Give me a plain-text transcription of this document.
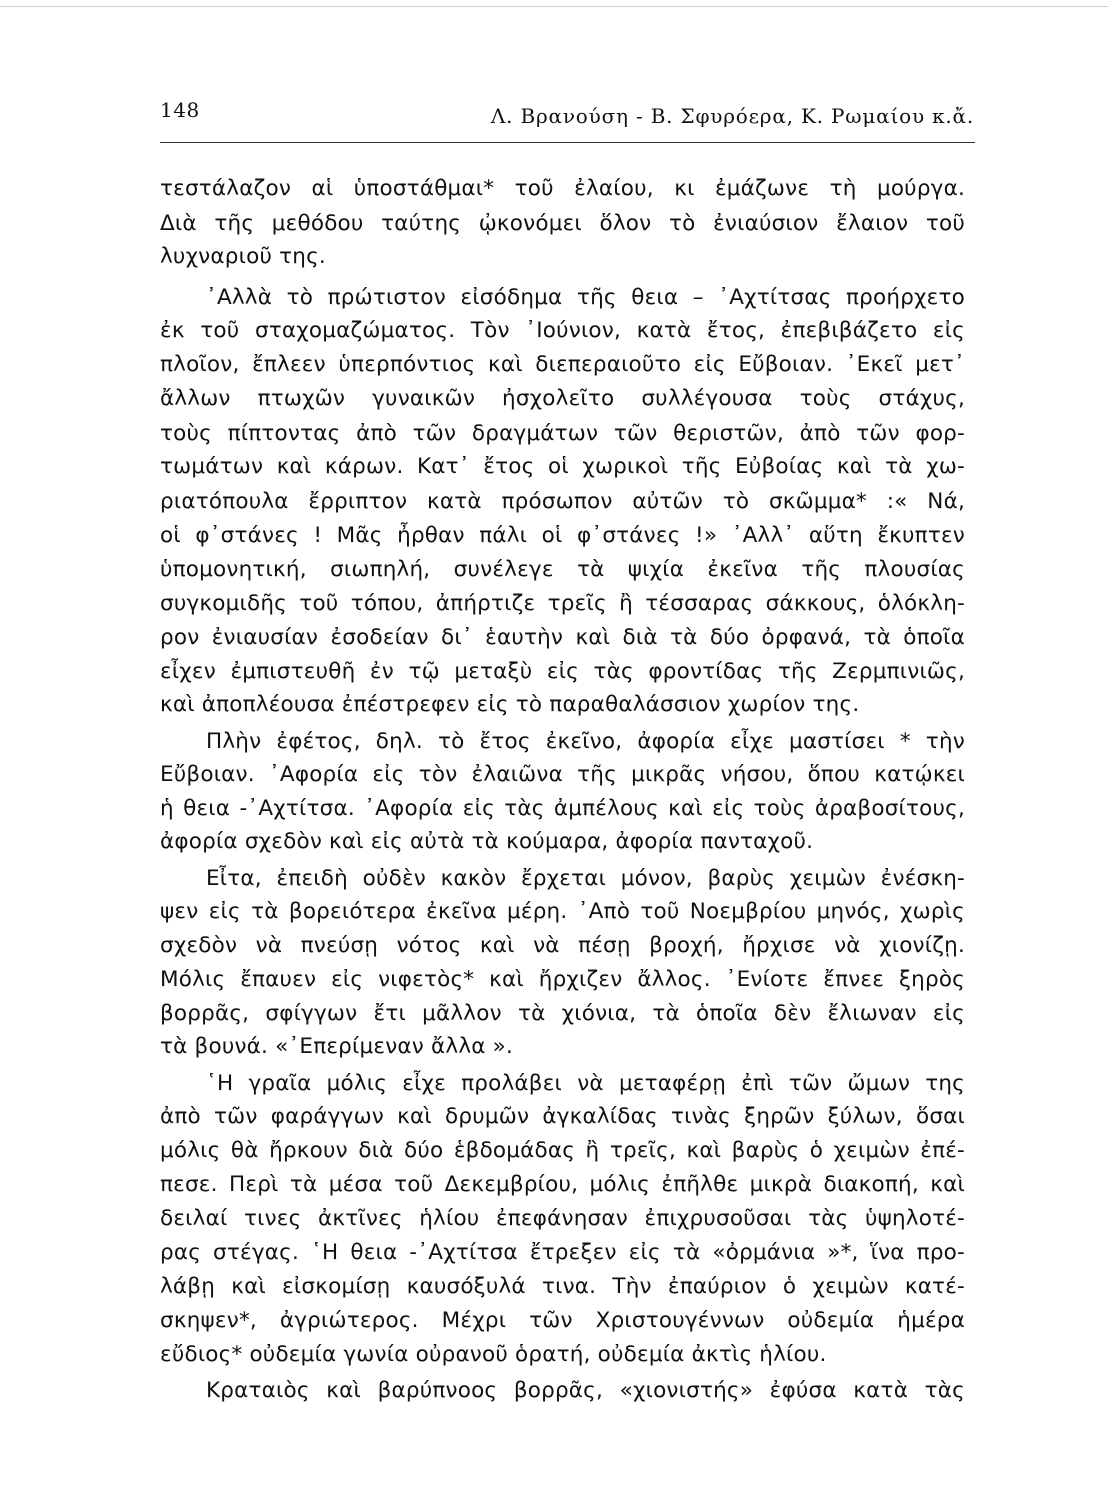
148	Λ. Βρανούση - Β. Σφυρόερα, Κ. Ρωμαίου κ.ἄ.
τεστάλαζον αἱ ὑποστάθμαι* τοῦ ἐλαίου, κι ἐμάζωνε τὴ μούργα.
Διὰ τῆς μεθόδου ταύτης ᾠκονόμει ὅλον τὸ ἐνιαύσιον ἔλαιον τοῦ
λυχναριοῦ της.
᾿Αλλὰ τὸ πρώτιστον εἰσόδημα τῆς θεια – ᾿Αχτίτσας προήρχετο
ἐκ τοῦ σταχομαζώματος. Τὸν ᾿Ιούνιον, κατὰ ἔτος, ἐπεβιβάζετο εἰς
πλοῖον, ἔπλεεν ὑπερπόντιος καὶ διεπεραιοῦτο εἰς Εὔβοιαν. ᾿Εκεῖ μετ᾿
ἄλλων πτωχῶν γυναικῶν ἠσχολεῖτο συλλέγουσα τοὺς στάχυς,
τοὺς πίπτοντας ἀπὸ τῶν δραγμάτων τῶν θεριστῶν, ἀπὸ τῶν φορ-
τωμάτων καὶ κάρων. Κατ᾿ ἔτος οἱ χωρικοὶ τῆς Εὐβοίας καὶ τὰ χω-
ριατόπουλα ἔρριπτον κατὰ πρόσωπον αὐτῶν τὸ σκῶμμα* :« Νά,
οἱ φ᾿στάνες ! Μᾶς ἦρθαν πάλι οἱ φ᾿στάνες !» ᾿Αλλ᾿ αὕτη ἔκυπτεν
ὑπομονητική, σιωπηλή, συνέλεγε τὰ ψιχία ἐκεῖνα τῆς πλουσίας
συγκομιδῆς τοῦ τόπου, ἀπήρτιζε τρεῖς ἢ τέσσαρας σάκκους, ὁλόκλη-
ρον ἐνιαυσίαν ἐσοδείαν δι᾿ ἑαυτὴν καὶ διὰ τὰ δύο ὀρφανά, τὰ ὁποῖα
εἶχεν ἐμπιστευθῆ ἐν τῷ μεταξὺ εἰς τὰς φροντίδας τῆς Ζερμπινιῶς,
καὶ ἀποπλέουσα ἐπέστρεφεν εἰς τὸ παραθαλάσσιον χωρίον της.
Πλὴν ἐφέτος, δηλ. τὸ ἔτος ἐκεῖνο, ἀφορία εἶχε μαστίσει * τὴν
Εὔβοιαν. ᾿Αφορία εἰς τὸν ἐλαιῶνα τῆς μικρᾶς νήσου, ὅπου κατῴκει
ἡ θεια -᾿Αχτίτσα. ᾿Αφορία εἰς τὰς ἀμπέλους καὶ εἰς τοὺς ἀραβοσίτους,
ἀφορία σχεδὸν καὶ εἰς αὐτὰ τὰ κούμαρα, ἀφορία πανταχοῦ.
Εἶτα, ἐπειδὴ οὐδὲν κακὸν ἔρχεται μόνον, βαρὺς χειμὼν ἐνέσκη-
ψεν εἰς τὰ βορειότερα ἐκεῖνα μέρη. ᾿Απὸ τοῦ Νοεμβρίου μηνός, χωρὶς
σχεδὸν νὰ πνεύσῃ νότος καὶ νὰ πέσῃ βροχή, ἤρχισε νὰ χιονίζῃ.
Μόλις ἔπαυεν εἰς νιφετὸς* καὶ ἤρχιζεν ἄλλος. ᾿Ενίοτε ἔπνεε ξηρὸς
βορρᾶς, σφίγγων ἔτι μᾶλλον τὰ χιόνια, τὰ ὁποῖα δὲν ἔλιωναν εἰς
τὰ βουνά. «᾿Επερίμεναν ἄλλα ».
῾Η γραῖα μόλις εἶχε προλάβει νὰ μεταφέρῃ ἐπὶ τῶν ὤμων της
ἀπὸ τῶν φαράγγων καὶ δρυμῶν ἀγκαλίδας τινὰς ξηρῶν ξύλων, ὅσαι
μόλις θὰ ἤρκουν διὰ δύο ἑβδομάδας ἢ τρεῖς, καὶ βαρὺς ὁ χειμὼν ἐπέ-
πεσε. Περὶ τὰ μέσα τοῦ Δεκεμβρίου, μόλις ἐπῆλθε μικρὰ διακοπή, καὶ
δειλαί τινες ἀκτῖνες ἡλίου ἐπεφάνησαν ἐπιχρυσοῦσαι τὰς ὑψηλοτέ-
ρας στέγας. ῾Η θεια -᾿Αχτίτσα ἔτρεξεν εἰς τὰ «ὀρμάνια »*, ἵνα προ-
λάβῃ καὶ εἰσκομίσῃ καυσόξυλά τινα. Τὴν ἐπαύριον ὁ χειμὼν κατέ-
σκηψεν*, ἀγριώτερος. Μέχρι τῶν Χριστουγέννων οὐδεμία ἡμέρα
εὔδιος* οὐδεμία γωνία οὐρανοῦ ὁρατή, οὐδεμία ἀκτὶς ἡλίου.
Κραταιὸς καὶ βαρύπνοος βορρᾶς, «χιονιστής» ἐφύσα κατὰ τὰς
